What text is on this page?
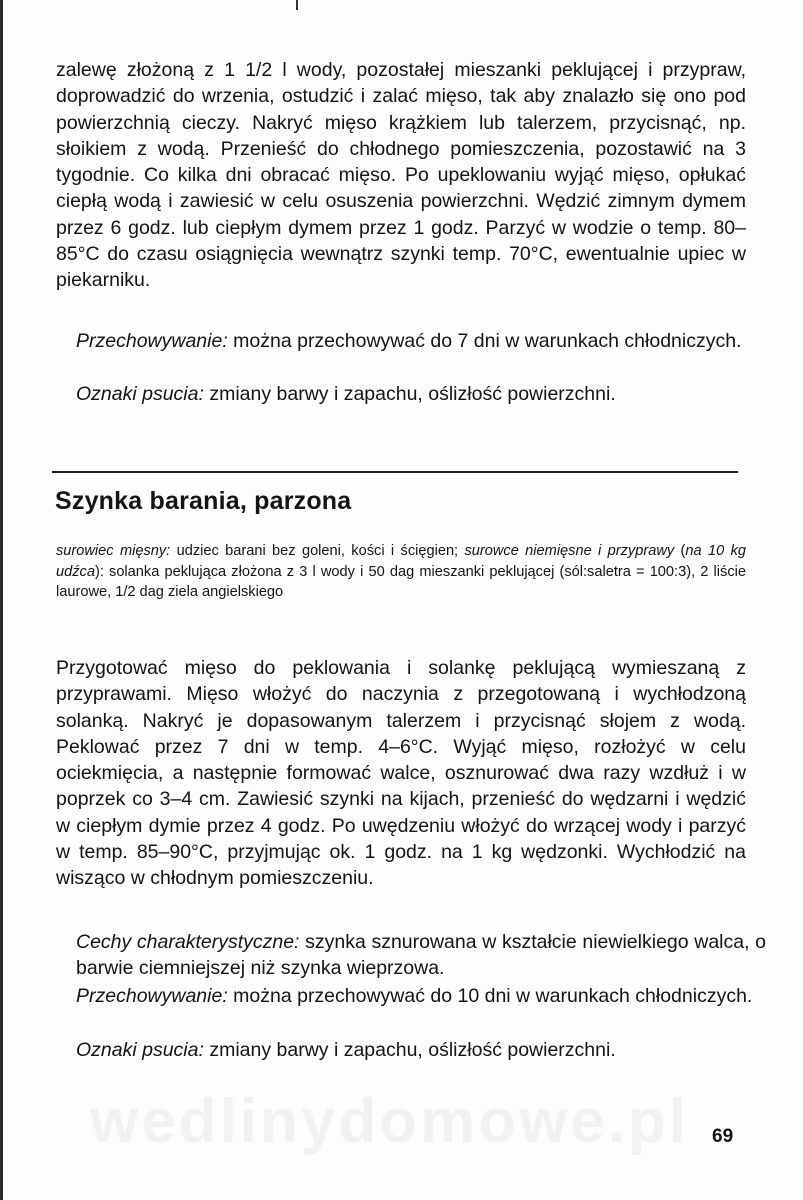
zalewę złożoną z 1 1/2 l wody, pozostałej mieszanki peklującej i przypraw, doprowadzić do wrzenia, ostudzić i zalać mięso, tak aby znalazło się ono pod powierzchnią cieczy. Nakryć mięso krążkiem lub talerzem, przycisnąć, np. słoikiem z wodą. Przenieść do chłodnego pomieszczenia, pozostawić na 3 tygodnie. Co kilka dni obracać mięso. Po upeklowaniu wyjąć mięso, opłukać ciepłą wodą i zawiesić w celu osuszenia powierzchni. Wędzić zimnym dymem przez 6 godz. lub ciepłym dymem przez 1 godz. Parzyć w wodzie o temp. 80–85°C do czasu osiągnięcia wewnątrz szynki temp. 70°C, ewentualnie upiec w piekarniku.

Przechowywanie: można przechowywać do 7 dni w warunkach chłodniczych.

Oznaki psucia: zmiany barwy i zapachu, oślizłość powierzchni.

Szynka barania, parzona

surowiec mięsny: udziec barani bez goleni, kości i ścięgien; surowce niemięsne i przyprawy (na 10 kg udźca): solanka peklująca złożona z 3 l wody i 50 dag mieszanki peklującej (sól:saletra = 100:3), 2 liście laurowe, 1/2 dag ziela angielskiego

Przygotować mięso do peklowania i solankę peklującą wymieszaną z przyprawami. Mięso włożyć do naczynia z przegotowaną i wychłodzoną solanką. Nakryć je dopasowanym talerzem i przycisnąć słojem z wodą. Peklować przez 7 dni w temp. 4–6°C. Wyjąć mięso, rozłożyć w celu ociekmięcia, a następnie formować walce, osznurować dwa razy wzdłuż i w poprzek co 3–4 cm. Zawiesić szynki na kijach, przenieść do wędzarni i wędzić w ciepłym dymie przez 4 godz. Po uwędzeniu włożyć do wrzącej wody i parzyć w temp. 85–90°C, przyjmując ok. 1 godz. na 1 kg wędzonki. Wychłodzić na wisząco w chłodnym pomieszczeniu.

Cechy charakterystyczne: szynka sznurowana w kształcie niewielkiego walca, o barwie ciemniejszej niż szynka wieprzowa.

Przechowywanie: można przechowywać do 10 dni w warunkach chłodniczych.

Oznaki psucia: zmiany barwy i zapachu, oślizłość powierzchni.

69
